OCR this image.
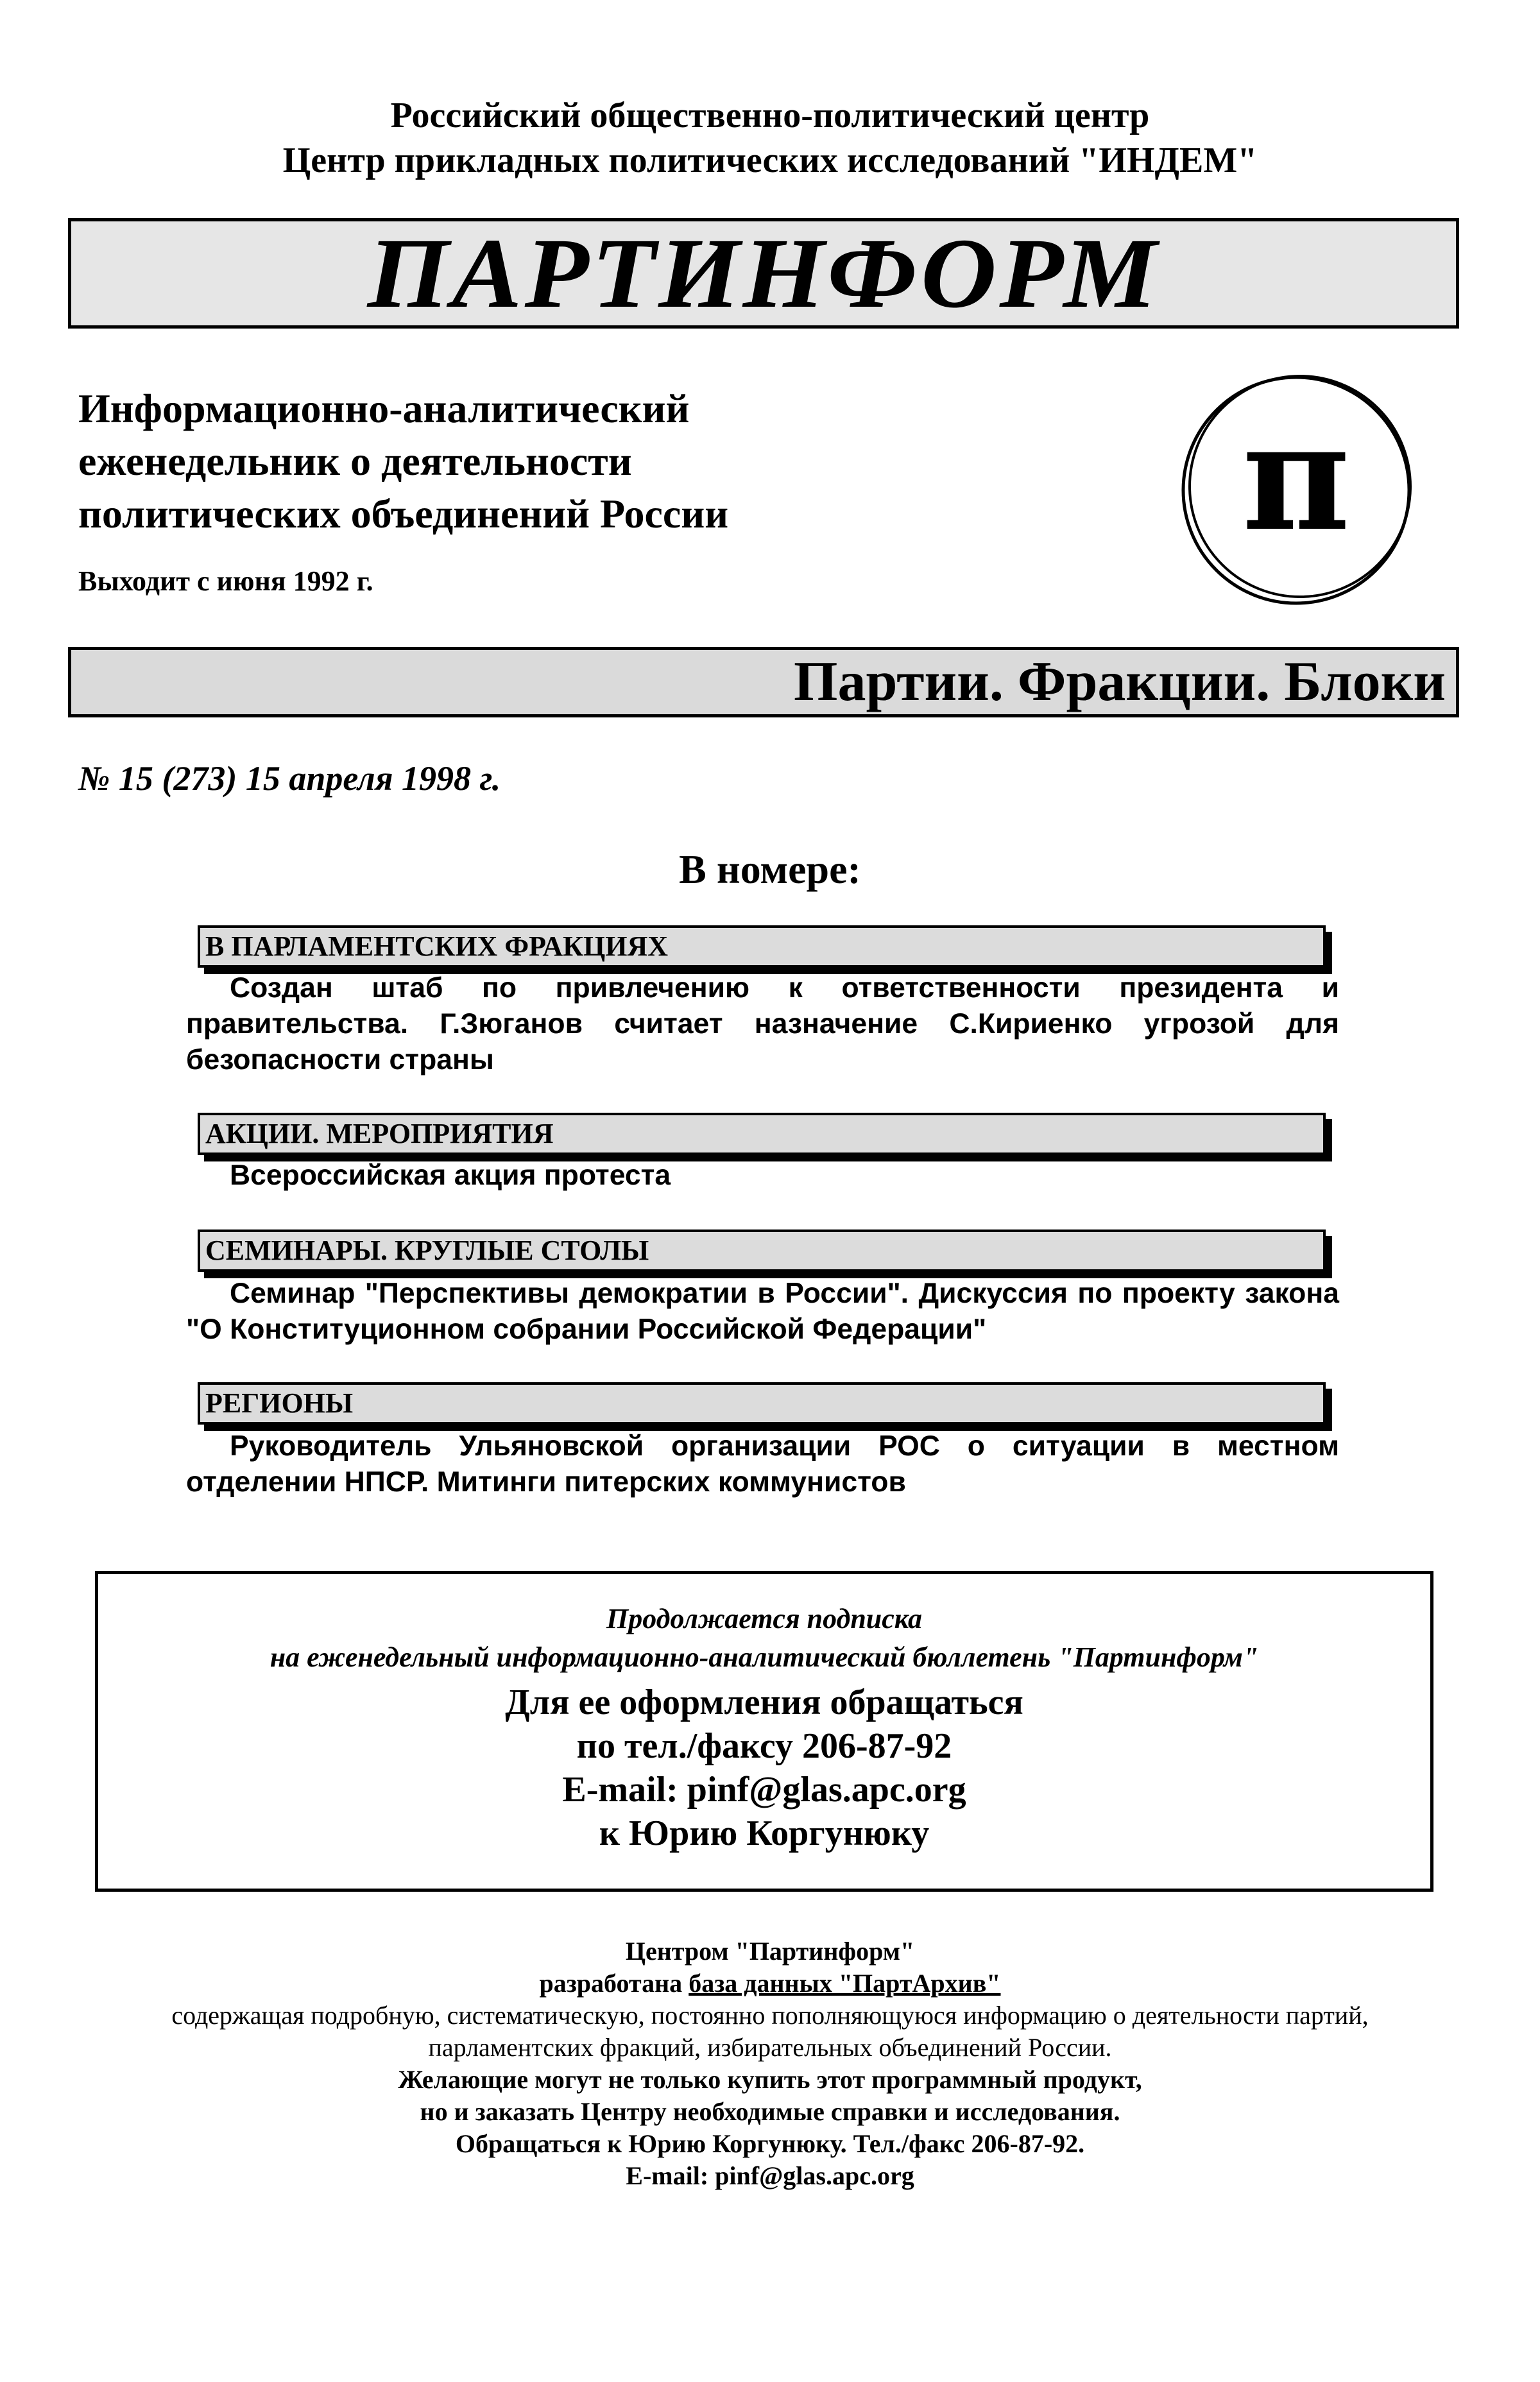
Российский общественно-политический центр
Центр прикладных политических исследований "ИНДЕМ"
ПАРТИНФОРМ
Информационно-аналитический
еженедельник о деятельности
политических объединений России
Выходит с июня 1992 г.
π
Партии. Фракции. Блоки
№ 15 (273) 15 апреля 1998 г.
В номере:
В ПАРЛАМЕНТСКИХ ФРАКЦИЯХ
Создан штаб по привлечению к ответственности президента и правительства. Г.Зюганов считает назначение С.Кириенко угрозой для безопасности страны
АКЦИИ. МЕРОПРИЯТИЯ
Всероссийская акция протеста
СЕМИНАРЫ. КРУГЛЫЕ СТОЛЫ
Семинар "Перспективы демократии в России". Дискуссия по проекту закона "О Конституционном собрании Российской Федерации"
РЕГИОНЫ
Руководитель Ульяновской организации РОС о ситуации в местном отделении НПСР. Митинги питерских коммунистов
Продолжается подписка
на еженедельный информационно-аналитический бюллетень "Партинформ"
Для ее оформления обращаться
по тел./факсу 206-87-92
E-mail: pinf@glas.apc.org
к Юрию Коргунюку
Центром "Партинформ"
разработана база данных "ПартАрхив"
содержащая подробную, систематическую, постоянно пополняющуюся информацию о деятельности партий,
парламентских фракций, избирательных объединений России.
Желающие могут не только купить этот программный продукт,
но и заказать Центру необходимые справки и исследования.
Обращаться к Юрию Коргунюку. Тел./факс 206-87-92.
E-mail: pinf@glas.apc.org
